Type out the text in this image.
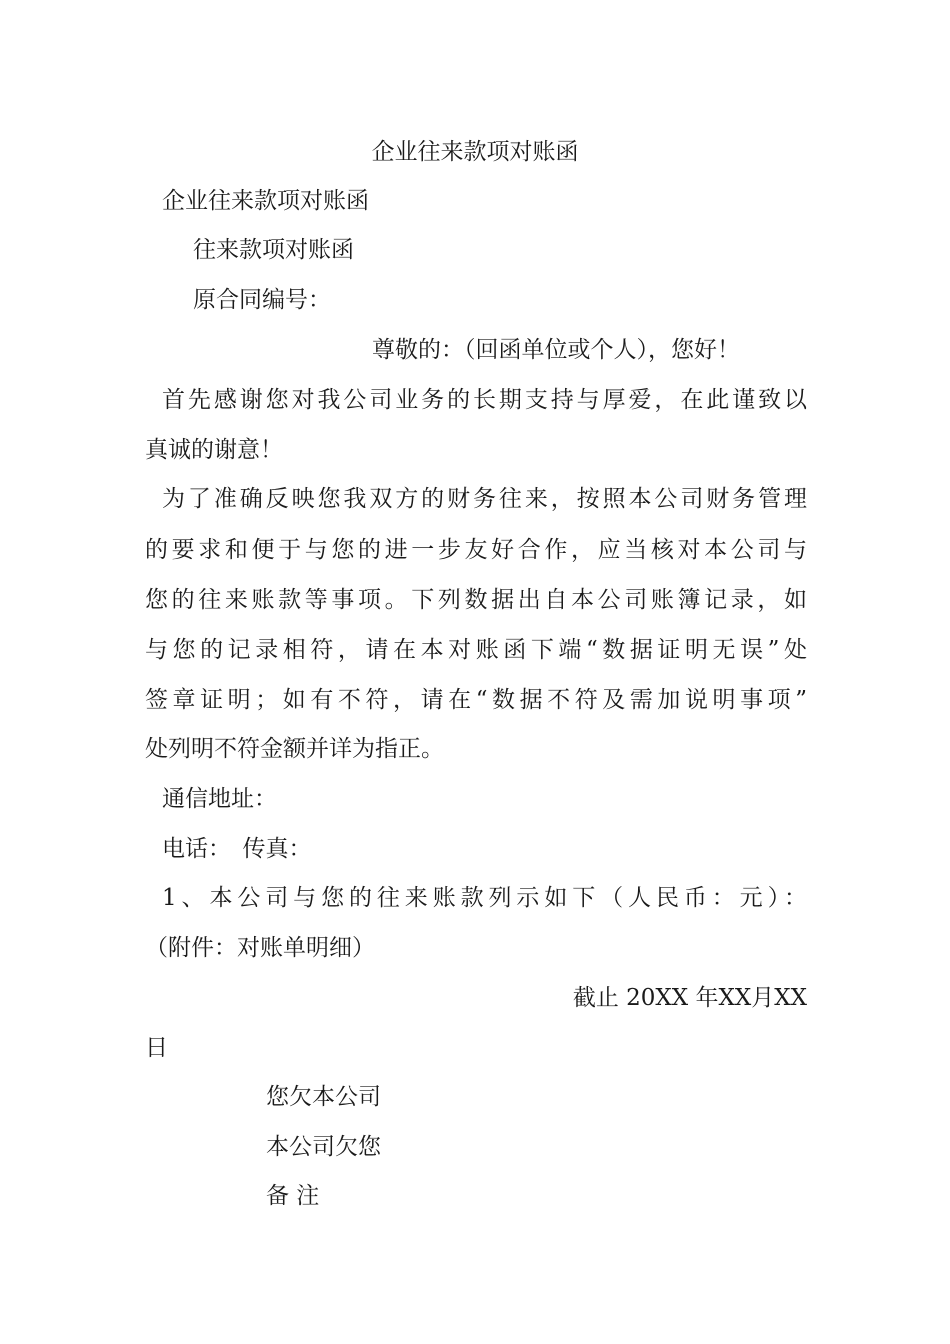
企业往来款项对账函
企业往来款项对账函
往来款项对账函
原合同编号：
尊敬的：（回函单位或个人），您好！
首先感谢您对我公司业务的长期支持与厚爱，在此谨致以
真诚的谢意！
为了准确反映您我双方的财务往来，按照本公司财务管理
的要求和便于与您的进一步友好合作，应当核对本公司与
您的往来账款等事项。下列数据出自本公司账簿记录，如
与您的记录相符，请在本对账函下端“数据证明无误”处
签章证明；如有不符，请在“数据不符及需加说明事项”
处列明不符金额并详为指正。
通信地址：
电话：　传真：
1、本公司与您的往来账款列示如下（人民币：元）：
（附件：对账单明细）
截止 20XX 年XX月XX
日
您欠本公司
本公司欠您
备 注
